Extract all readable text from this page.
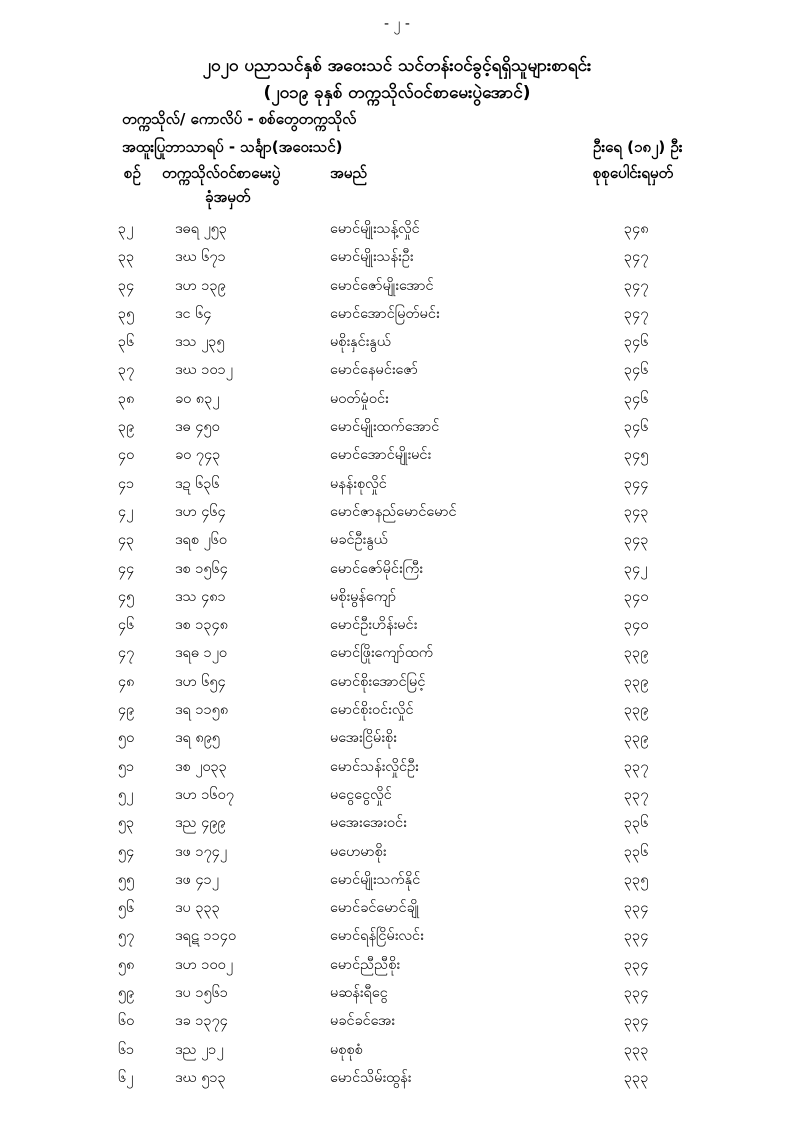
- ၂ -
၂၀၂၀ ပညာသင်နှစ် အဝေးသင် သင်တန်းဝင်ခွင့်ရရှိသူများစာရင်း
(၂၀၁၉ ခုနှစ် တက္ကသိုလ်ဝင်စာမေးပွဲအောင်)
တက္ကသိုလ်/ ကောလိပ် - စစ်တွေတက္ကသိုလ်
အထူးပြုဘာသာရပ် - သင်္ချာ(အဝေးသင်)	ဦးရေ (၁၈၂) ဦး
စဉ် တက္ကသိုလ်ဝင်စာမေးပွဲ
ခုံအမှတ်
အမည်	စုစုပေါင်းရမှတ်
၃၂	ဒဓရ ၂၅၃	မောင်မျိုးသန့်လှိုင်	၃၄၈
၃၃	ဒဃ ၆၇၁	မောင်မျိုးသန်းဦး	၃၄၇
၃၄	ဒဟ ၁၃၉	မောင်ဇော်မျိုးအောင်	၃၄၇
၃၅	ဒင ၆၄	မောင်အောင်မြတ်မင်း	၃၄၇
၃၆	ဒသ ၂၃၅	မစိုးနှင်းနွယ်	၃၄၆
၃၇	ဒဃ ၁၀၁၂	မောင်နေမင်းဇော်	၃၄၆
၃၈	ခဝ ၈၃၂	မဝတ်မှုံဝင်း	၃၄၆
၃၉	ဒဓ ၄၅၀	မောင်မျိုးထက်အောင်	၃၄၆
၄၀	ခဝ ၇၄၃	မောင်အောင်မျိုးမင်း	၃၄၅
၄၁	ဒဍ ၆၃၆	မနန်းစုလှိုင်	၃၄၄
၄၂	ဒဟ ၄၆၄	မောင်ဇာနည်မောင်မောင်	၃၄၃
၄၃	ဒရစ ၂၆၀	မခင်ဦးနွယ်	၃၄၃
၄၄	ဒစ ၁၅၆၄	မောင်ဇော်မိုင်းကြီး	၃၄၂
၄၅	ဒသ ၄၈၁	မစိုးမွန်ကျော်	၃၄၀
၄၆	ဒစ ၁၃၄၈	မောင်ဦးဟိန်းမင်း	၃၄၀
၄၇	ဒရဓ ၁၂၀	မောင်ဖြိုးကျော်ထက်	၃၃၉
၄၈	ဒဟ ၆၅၄	မောင်စိုးအောင်မြင့်	၃၃၉
၄၉	ဒရ ၁၁၅၈	မောင်စိုးဝင်းလှိုင်	၃၃၉
၅၀	ဒရ ၈၉၅	မအေးငြိမ်းစိုး	၃၃၉
၅၁	ဒစ ၂၀၃၃	မောင်သန်းလှိုင်ဦး	၃၃၇
၅၂	ဒဟ ၁၆၀၇	မငွေငွေလှိုင်	၃၃၇
၅၃	ဒည ၄၉၉	မအေးအေးဝင်း	၃၃၆
၅၄	ဒဖ ၁၇၄၂	မဟေမာစိုး	၃၃၆
၅၅	ဒဖ ၄၁၂	မောင်မျိုးသက်နိုင်	၃၃၅
၅၆	ဒပ ၃၃၃	မောင်ခင်မောင်ချို	၃၃၄
၅၇	ဒရဋ ၁၁၄၀	မောင်ရန်ငြိမ်းလင်း	၃၃၄
၅၈	ဒဟ ၁၀၀၂	မောင်ညီညီစိုး	၃၃၄
၅၉	ဒပ ၁၅၆၁	မဆန်းရီငွေ	၃၃၄
၆၀	ဒခ ၁၃၇၄	မခင်ခင်အေး	၃၃၄
၆၁	ဒည ၂၁၂	မစုစုစံ	၃၃၃
၆၂	ဒဃ ၅၁၃	မောင်သိမ်းထွန်း	၃၃၃
